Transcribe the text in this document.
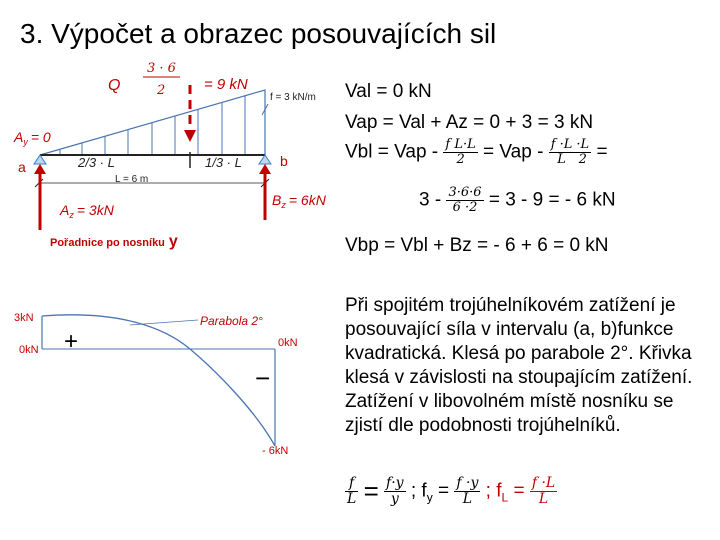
3. Výpočet a obrazec posouvajících sil
Q
3 · 6
2	= 9 kN
f = 3 kN/m
$A_y = 0$
a	b
2/3 · L	1/3 · L
L = 6 m
$A_z = 3kN$
$B_z = 6kN$
Pořadnice po nosníku y
Parabola 2°
3kN
0kN
0kN
- 6kN
+
−
Val = 0 kN
Vap = Val + Az = 0 + 3 = 3 kN
Vbl = Vap - $\frac{\text{f L·L}}{2}$ = Vap - $\frac{f \cdot L}{L} \frac{\cdot L}{2}$ =
$3 - \frac{3\cdot 6\cdot 6}{6 \cdot 2} = 3 - 9$ = - 6 kN
Vbp = Vbl + Bz = - 6 + 6 = 0 kN
Při spojitém trojúhelníkovém zatížení je posouvající síla v intervalu (a, b)funkce kvadratická. Klesá po parabole 2°. Křivka klesá v závislosti na stoupajícím zatížení. Zatížení v libovolném místě nosníku se zjistí dle podobnosti trojúhelníků.
$\frac{f}{L} = \frac{f\cdot y}{y}$ ; $f_y = \frac{f \cdot y}{L}$ ; $f_L = \frac{f \cdot L}{L}$
